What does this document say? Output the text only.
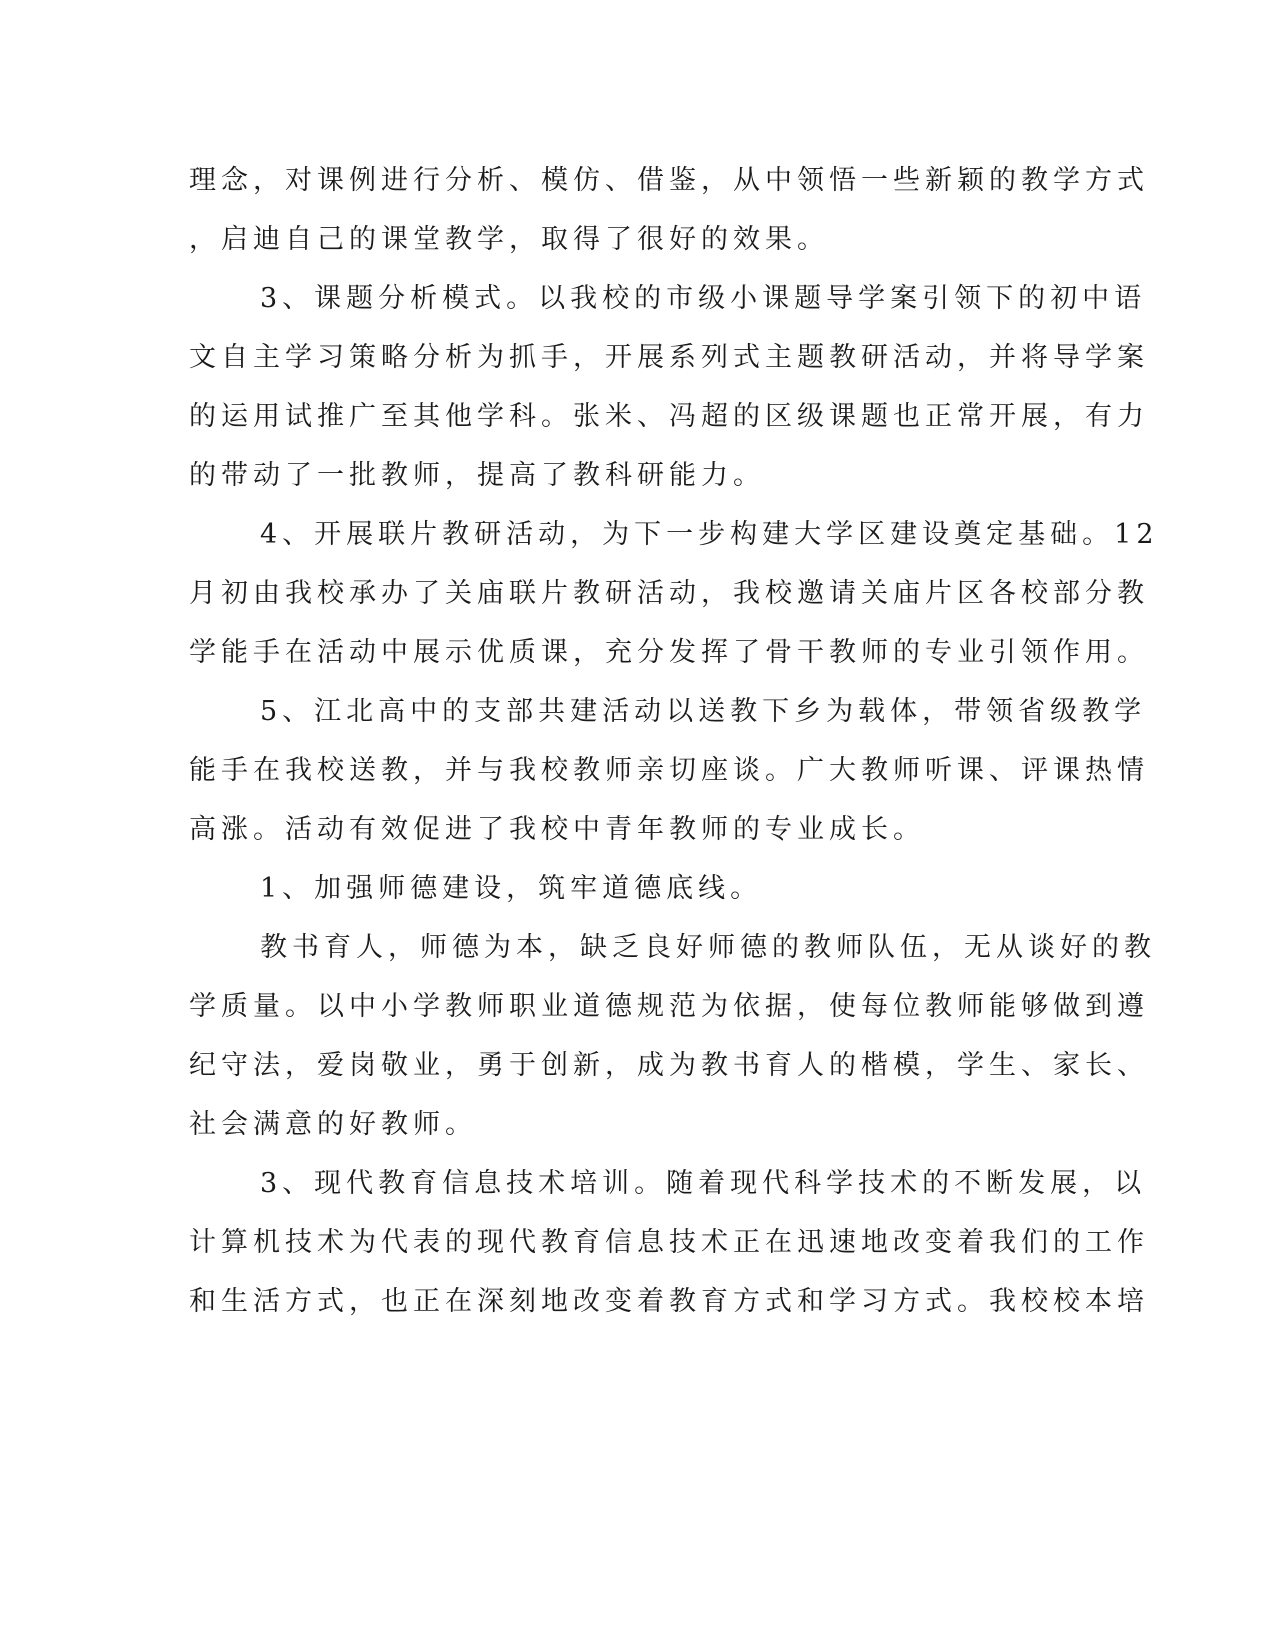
理念，对课例进行分析、模仿、借鉴，从中领悟一些新颖的教学方式
，启迪自己的课堂教学，取得了很好的效果。
3、课题分析模式。以我校的市级小课题导学案引领下的初中语
文自主学习策略分析为抓手，开展系列式主题教研活动，并将导学案
的运用试推广至其他学科。张米、冯超的区级课题也正常开展，有力
的带动了一批教师，提高了教科研能力。
4、开展联片教研活动，为下一步构建大学区建设奠定基础。12
月初由我校承办了关庙联片教研活动，我校邀请关庙片区各校部分教
学能手在活动中展示优质课，充分发挥了骨干教师的专业引领作用。
5、江北高中的支部共建活动以送教下乡为载体，带领省级教学
能手在我校送教，并与我校教师亲切座谈。广大教师听课、评课热情
高涨。活动有效促进了我校中青年教师的专业成长。
1、加强师德建设，筑牢道德底线。
教书育人，师德为本，缺乏良好师德的教师队伍，无从谈好的教
学质量。以中小学教师职业道德规范为依据，使每位教师能够做到遵
纪守法，爱岗敬业，勇于创新，成为教书育人的楷模，学生、家长、
社会满意的好教师。
3、现代教育信息技术培训。随着现代科学技术的不断发展，以
计算机技术为代表的现代教育信息技术正在迅速地改变着我们的工作
和生活方式，也正在深刻地改变着教育方式和学习方式。我校校本培
